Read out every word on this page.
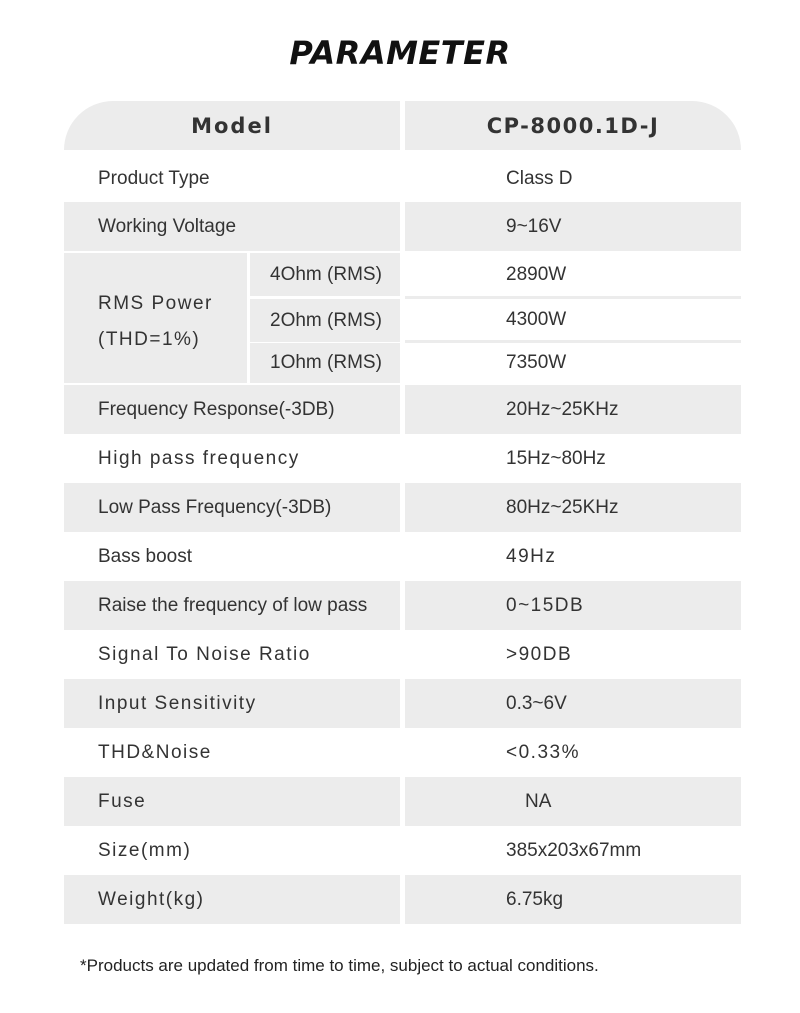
PARAMETER
Model	CP-8000.1D-J
Product Type	Class D
Working Voltage	9~16V
RMS Power
(THD=1%)
4Ohm (RMS)	2890W
2Ohm (RMS)	4300W
1Ohm (RMS)	7350W
Frequency Response(-3DB)	20Hz~25KHz
High pass frequency	15Hz~80Hz
Low Pass Frequency(-3DB)	80Hz~25KHz
Bass boost	49Hz
Raise the frequency of low pass	0~15DB
Signal To Noise Ratio	>90DB
Input Sensitivity	0.3~6V
THD&Noise	<0.33%
Fuse	NA
Size(mm)	385x203x67mm
Weight(kg)	6.75kg
*Products are updated from time to time, subject to actual conditions.
